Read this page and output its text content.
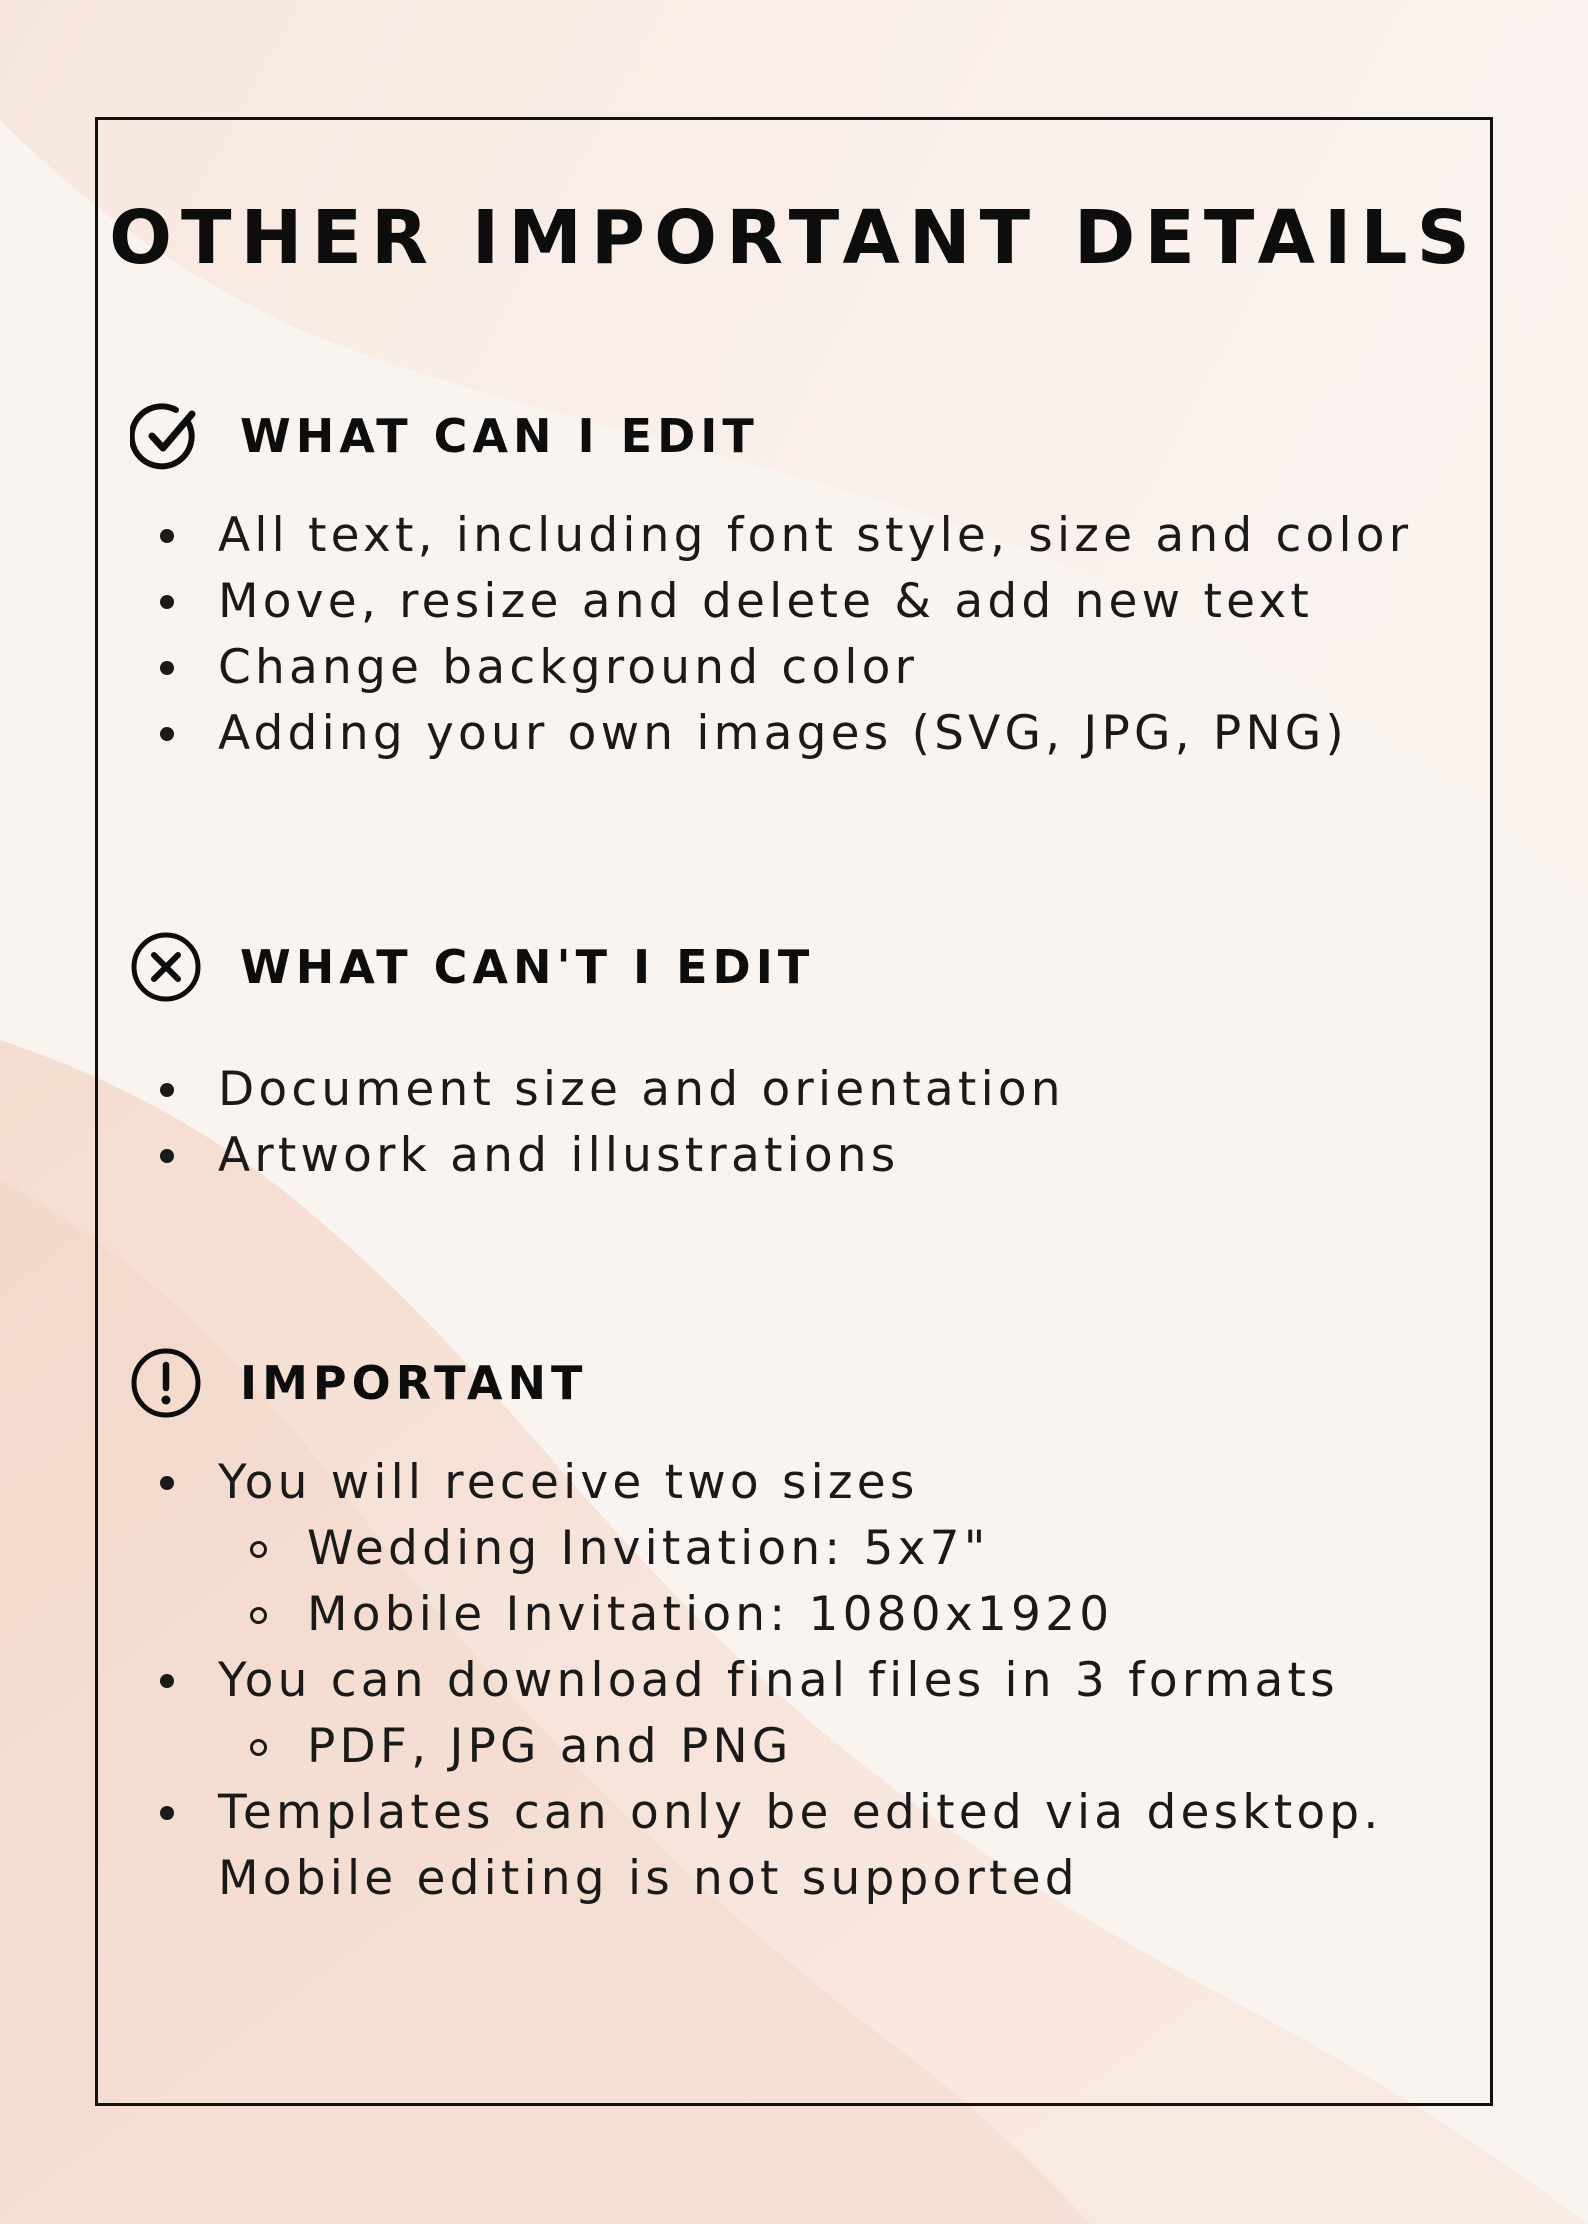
OTHER IMPORTANT DETAILS
WHAT CAN I EDIT
All text, including font style, size and color
Move, resize and delete & add new text
Change background color
Adding your own images (SVG, JPG, PNG)
WHAT CAN'T I EDIT
Document size and orientation
Artwork and illustrations
IMPORTANT
You will receive two sizes
Wedding Invitation: 5x7"
Mobile Invitation: 1080x1920
You can download final files in 3 formats
PDF, JPG and PNG
Templates can only be edited via desktop.
Mobile editing is not supported
